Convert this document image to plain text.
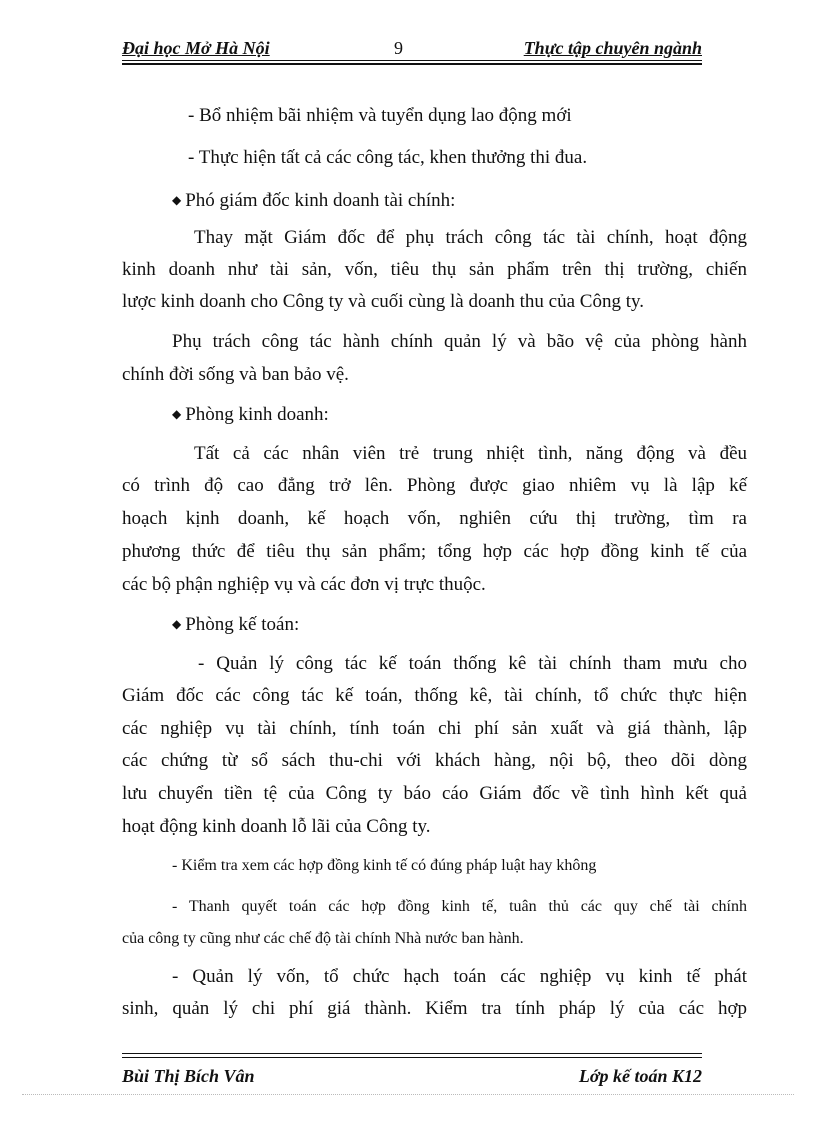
Đại học Mở Hà Nội	9	Thực tập chuyên ngành
- Bổ nhiệm bãi nhiệm và tuyển dụng lao động mới
- Thực hiện tất cả các công tác, khen thưởng thi đua.
◆ Phó giám đốc kinh doanh tài chính:
Thay mặt Giám đốc để phụ trách công tác tài chính, hoạt động
kinh doanh như tài sản, vốn, tiêu thụ sản phẩm trên thị trường, chiến
lược kinh doanh cho Công ty và cuối cùng là doanh thu của Công ty.
Phụ trách công tác hành chính quản lý và bão vệ của phòng hành
chính đời sống và ban bảo vệ.
◆ Phòng kinh doanh:
Tất cả các nhân viên trẻ trung nhiệt tình, năng động và đều
có trình độ cao đẳng trở lên. Phòng được giao nhiêm vụ là lập kế
hoạch kịnh doanh, kế hoạch vốn, nghiên cứu thị trường, tìm ra
phương thức để tiêu thụ sản phẩm; tổng hợp các hợp đồng kinh tế của
các bộ phận nghiệp vụ và các đơn vị trực thuộc.
◆ Phòng kế toán:
- Quản lý công tác kế toán thống kê tài chính tham mưu cho
Giám đốc các công tác kế toán, thống kê, tài chính, tổ chức thực hiện
các nghiệp vụ tài chính, tính toán chi phí sản xuất và giá thành, lập
các chứng từ sổ sách thu-chi với khách hàng, nội bộ, theo dõi dòng
lưu chuyển tiền tệ của Công ty báo cáo Giám đốc về tình hình kết quả
hoạt động kinh doanh lỗ lãi của Công ty.
- Kiểm tra xem các hợp đồng kinh tế có đúng pháp luật hay không
- Thanh quyết toán các hợp đồng kinh tế, tuân thủ các quy chế tài chính
của công ty cũng như các chế độ tài chính Nhà nước ban hành.
- Quản lý vốn, tổ chức hạch toán các nghiệp vụ kinh tế phát
sinh, quản lý chi phí giá thành. Kiểm tra tính pháp lý của các hợp
Bùi Thị Bích Vân	Lớp kế toán K12
